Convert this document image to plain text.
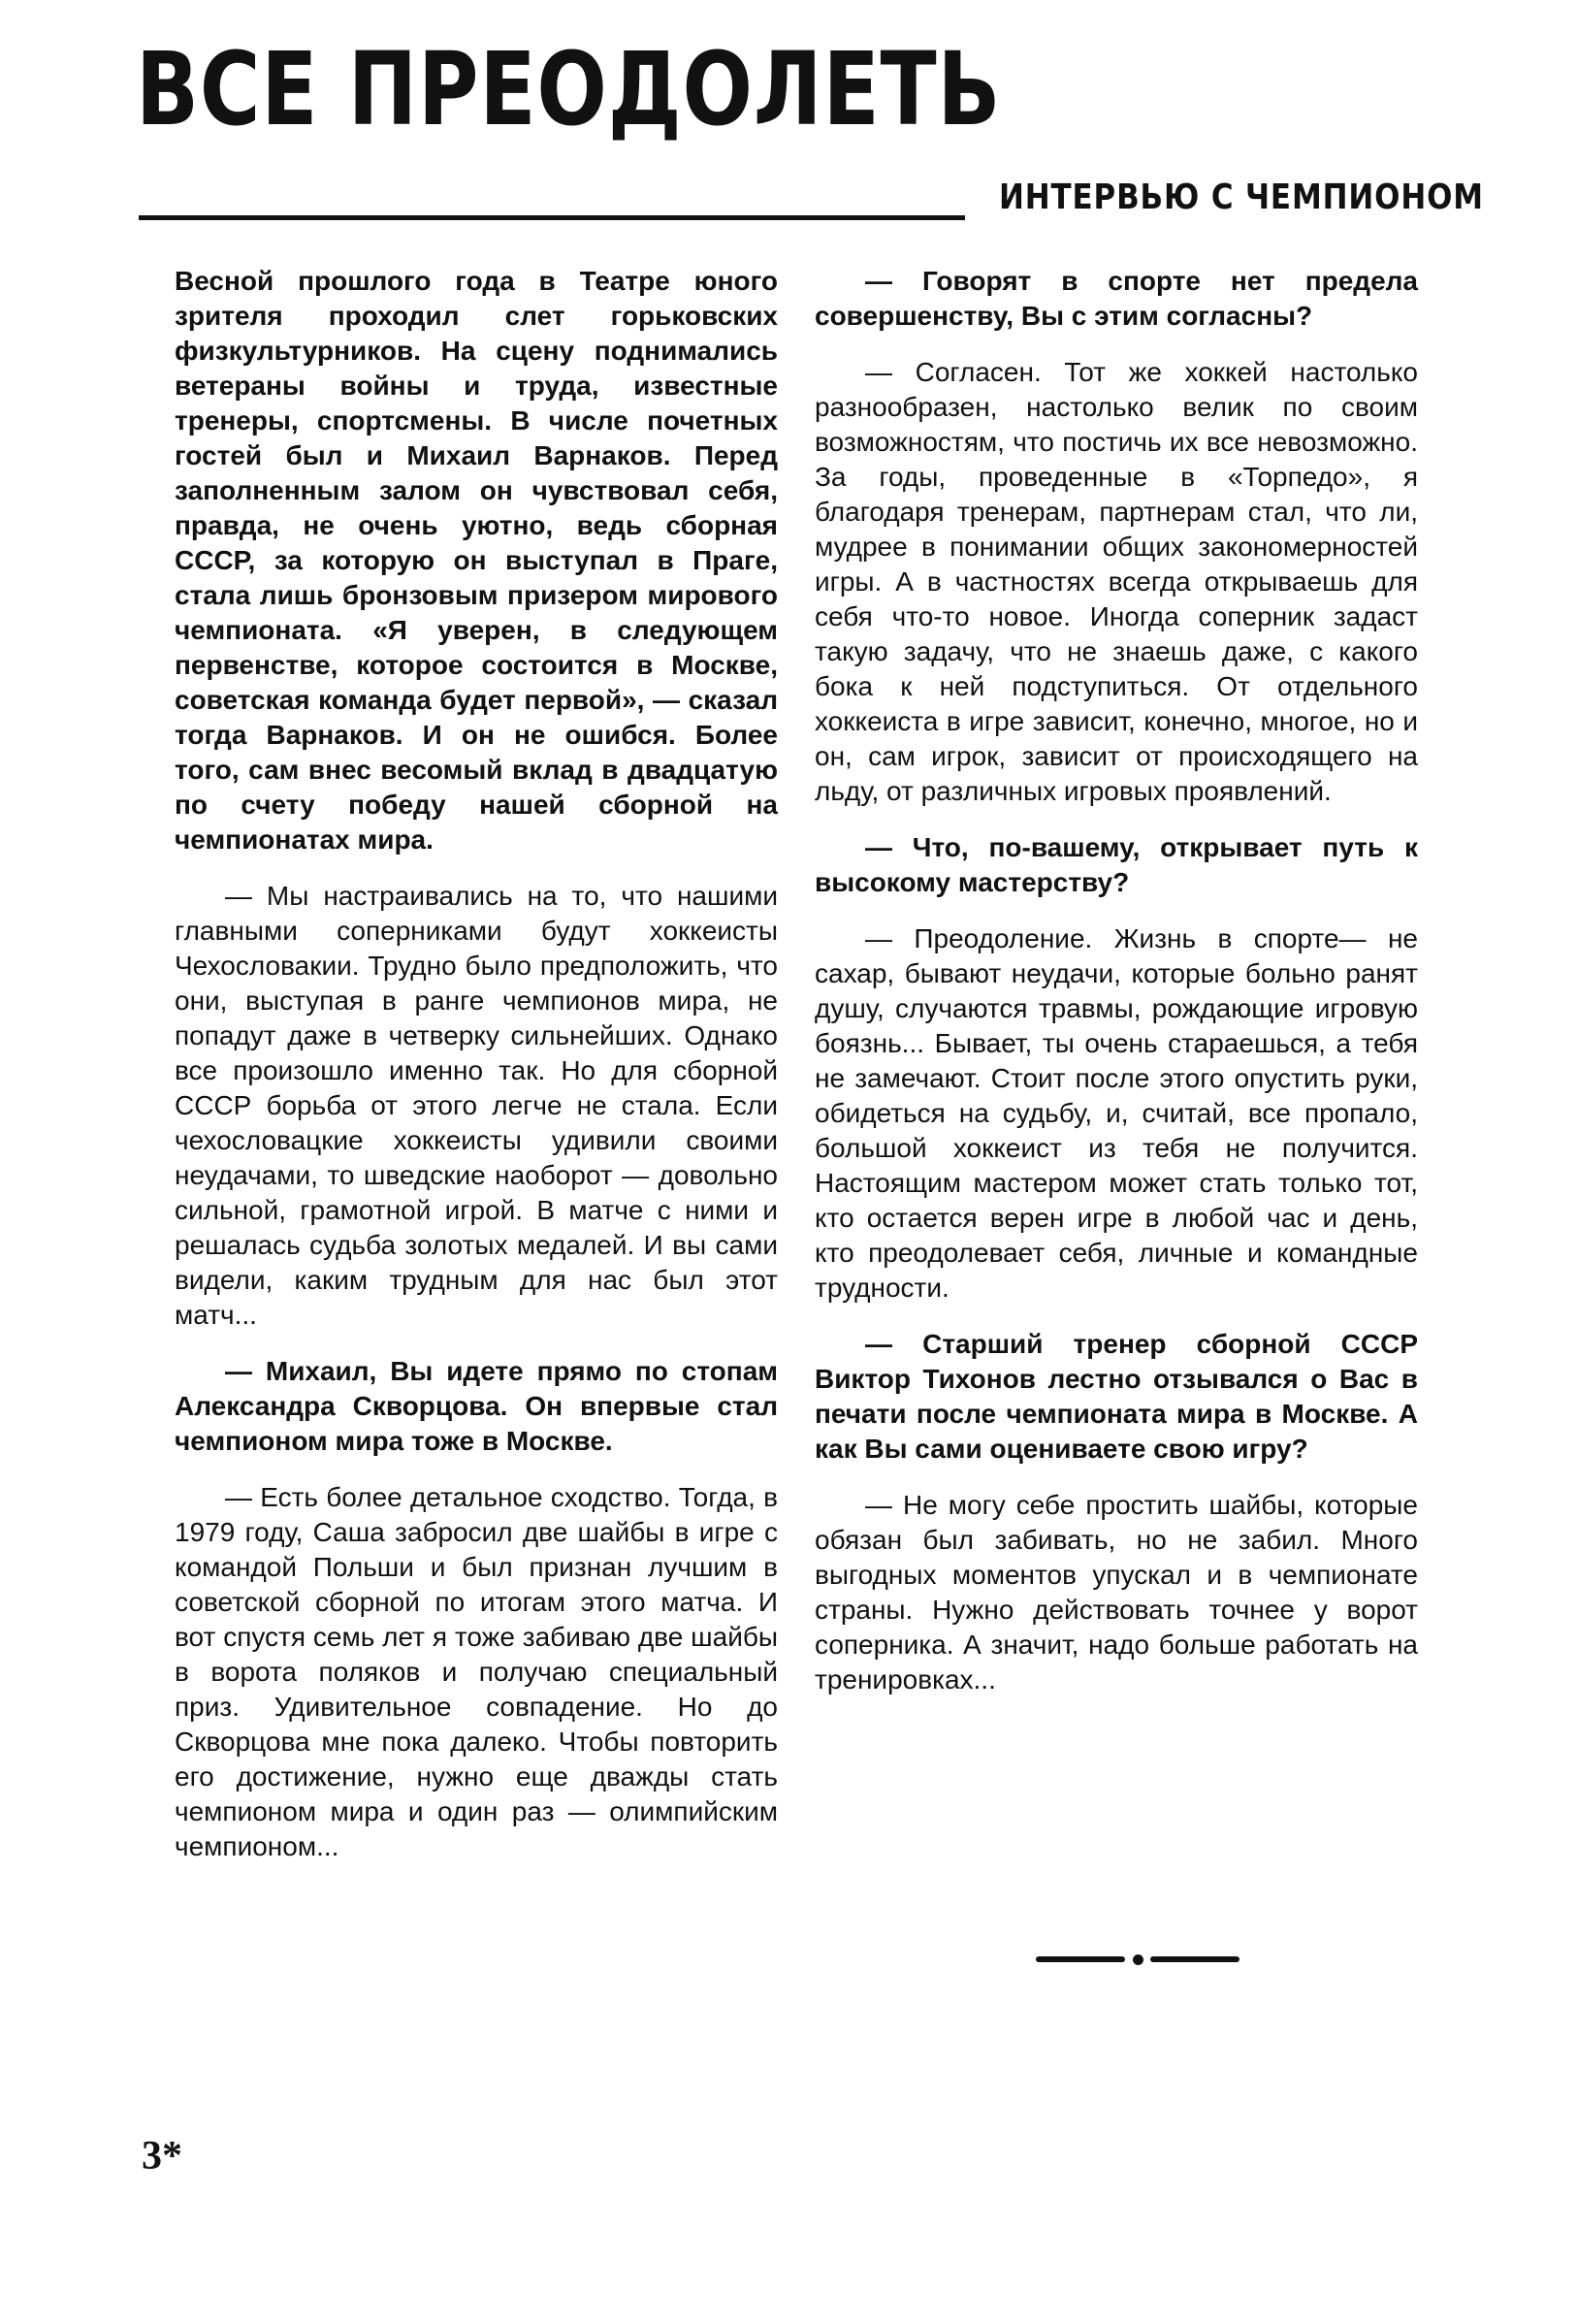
ВСЕ ПРЕОДОЛЕТЬ
ИНТЕРВЬЮ С ЧЕМПИОНОМ

Весной прошлого года в Театре юного зрителя проходил слет горьковских физкультурников. На сцену поднимались ветераны войны и труда, известные тренеры, спортсмены. В числе почетных гостей был и Михаил Варнаков. Перед заполненным залом он чувствовал себя, правда, не очень уютно, ведь сборная СССР, за которую он выступал в Праге, стала лишь бронзовым призером мирового чемпионата. «Я уверен, в следующем первенстве, которое состоится в Москве, советская команда будет первой», — сказал тогда Варнаков. И он не ошибся. Более того, сам внес весомый вклад в двадцатую по счету победу нашей сборной на чемпионатах мира.

— Мы настраивались на то, что нашими главными соперниками будут хоккеисты Чехословакии. Трудно было предположить, что они, выступая в ранге чемпионов мира, не попадут даже в четверку сильнейших. Однако все произошло именно так. Но для сборной СССР борьба от этого легче не стала. Если чехословацкие хоккеисты удивили своими неудачами, то шведские наоборот — довольно сильной, грамотной игрой. В матче с ними и решалась судьба золотых медалей. И вы сами видели, каким трудным для нас был этот матч...

— Михаил, Вы идете прямо по стопам Александра Скворцова. Он впервые стал чемпионом мира тоже в Москве.

— Есть более детальное сходство. Тогда, в 1979 году, Саша забросил две шайбы в игре с командой Польши и был признан лучшим в советской сборной по итогам этого матча. И вот спустя семь лет я тоже забиваю две шайбы в ворота поляков и получаю специальный приз. Удивительное совпадение. Но до Скворцова мне пока далеко. Чтобы повторить его достижение, нужно еще дважды стать чемпионом мира и один раз — олимпийским чемпионом...

— Говорят в спорте нет предела совершенству, Вы с этим согласны?

— Согласен. Тот же хоккей настолько разнообразен, настолько велик по своим возможностям, что постичь их все невозможно. За годы, проведенные в «Торпедо», я благодаря тренерам, партнерам стал, что ли, мудрее в понимании общих закономерностей игры. А в частностях всегда открываешь для себя что-то новое. Иногда соперник задаст такую задачу, что не знаешь даже, с какого бока к ней подступиться. От отдельного хоккеиста в игре зависит, конечно, многое, но и он, сам игрок, зависит от происходящего на льду, от различных игровых проявлений.

— Что, по-вашему, открывает путь к высокому мастерству?

— Преодоление. Жизнь в спорте— не сахар, бывают неудачи, которые больно ранят душу, случаются травмы, рождающие игровую боязнь... Бывает, ты очень стараешься, а тебя не замечают. Стоит после этого опустить руки, обидеться на судьбу, и, считай, все пропало, большой хоккеист из тебя не получится. Настоящим мастером может стать только тот, кто остается верен игре в любой час и день, кто преодолевает себя, личные и командные трудности.

— Старший тренер сборной СССР Виктор Тихонов лестно отзывался о Вас в печати после чемпионата мира в Москве. А как Вы сами оцениваете свою игру?

— Не могу себе простить шайбы, которые обязан был забивать, но не забил. Много выгодных моментов упускал и в чемпионате страны. Нужно действовать точнее у ворот соперника. А значит, надо больше работать на тренировках...

3*
